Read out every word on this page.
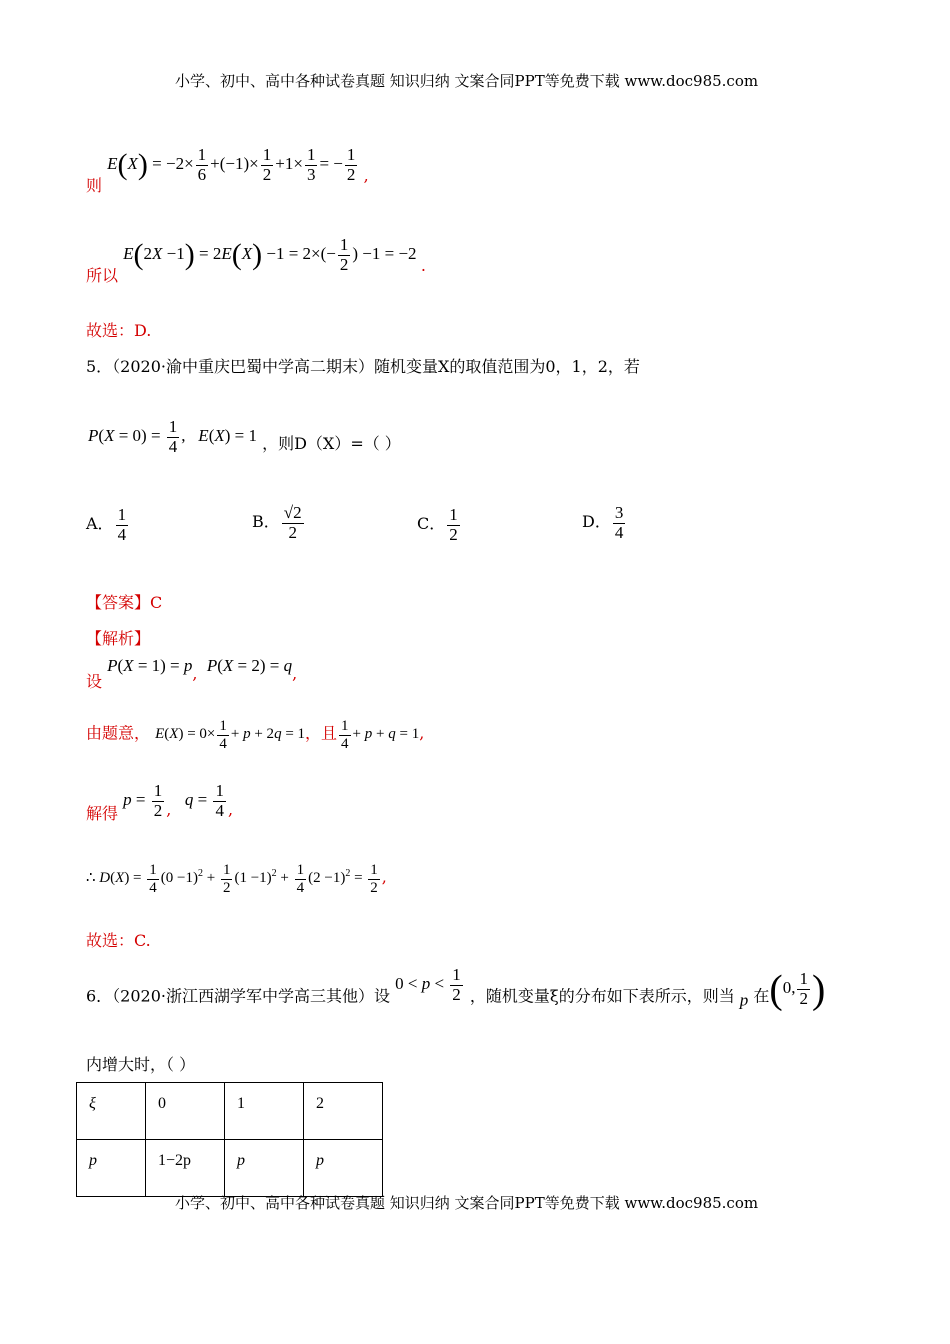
小学、初中、高中各种试卷真题 知识归纳 文案合同PPT等免费下载 www.doc985.com
则 $E(X) = -2\times \frac{1}{6} +(-1)\times \frac{1}{2} +1\times \frac{1}{3}$ = − $\frac{1}{2}$ ,
所以 $E(2X -1) = 2E(X) -1 = 2\times(- \frac{1}{2}$ ) −1 = −2 .
故选：D.
5．（2020·渝中重庆巴蜀中学高二期末）随机变量X的取值范围为0，1，2，若
$P(X = 0) = \frac{1}{4}$ ,   E(X) = 1 ，则D（X）=（ ）
A． $\frac{1}{4}$	B． $\frac{√2}{2}$	C． $\frac{1}{2}$	D． $\frac{3}{4}$
【答案】C
【解析】
设 P(X = 1) = p, P(X = 2) = q,
由题意， $E(X) = 0\times \frac{1}{4} + p + 2q = 1$，且 $\frac{1}{4} + p + q = 1$,
解得 $p = \frac{1}{2}$ ,   $q = \frac{1}{4}$ ,
∴ $D(X) = \frac{1}{4} (0 -1)^2 + \frac{1}{2} (1 -1)^2 + \frac{1}{4} (2 -1)^2 = \frac{1}{2}$ ,
故选：C.
6．（2020·浙江西湖学军中学高三其他）设 $0 < p < \frac{1}{2}$ ，随机变量ξ的分布如下表所示，则当 p 在(0, $\frac{1}{2}$ )
内增大时，（ ）
ξ	0	1	2
p	1−2p	p	p
小学、初中、高中各种试卷真题 知识归纳 文案合同PPT等免费下载 www.doc985.com
